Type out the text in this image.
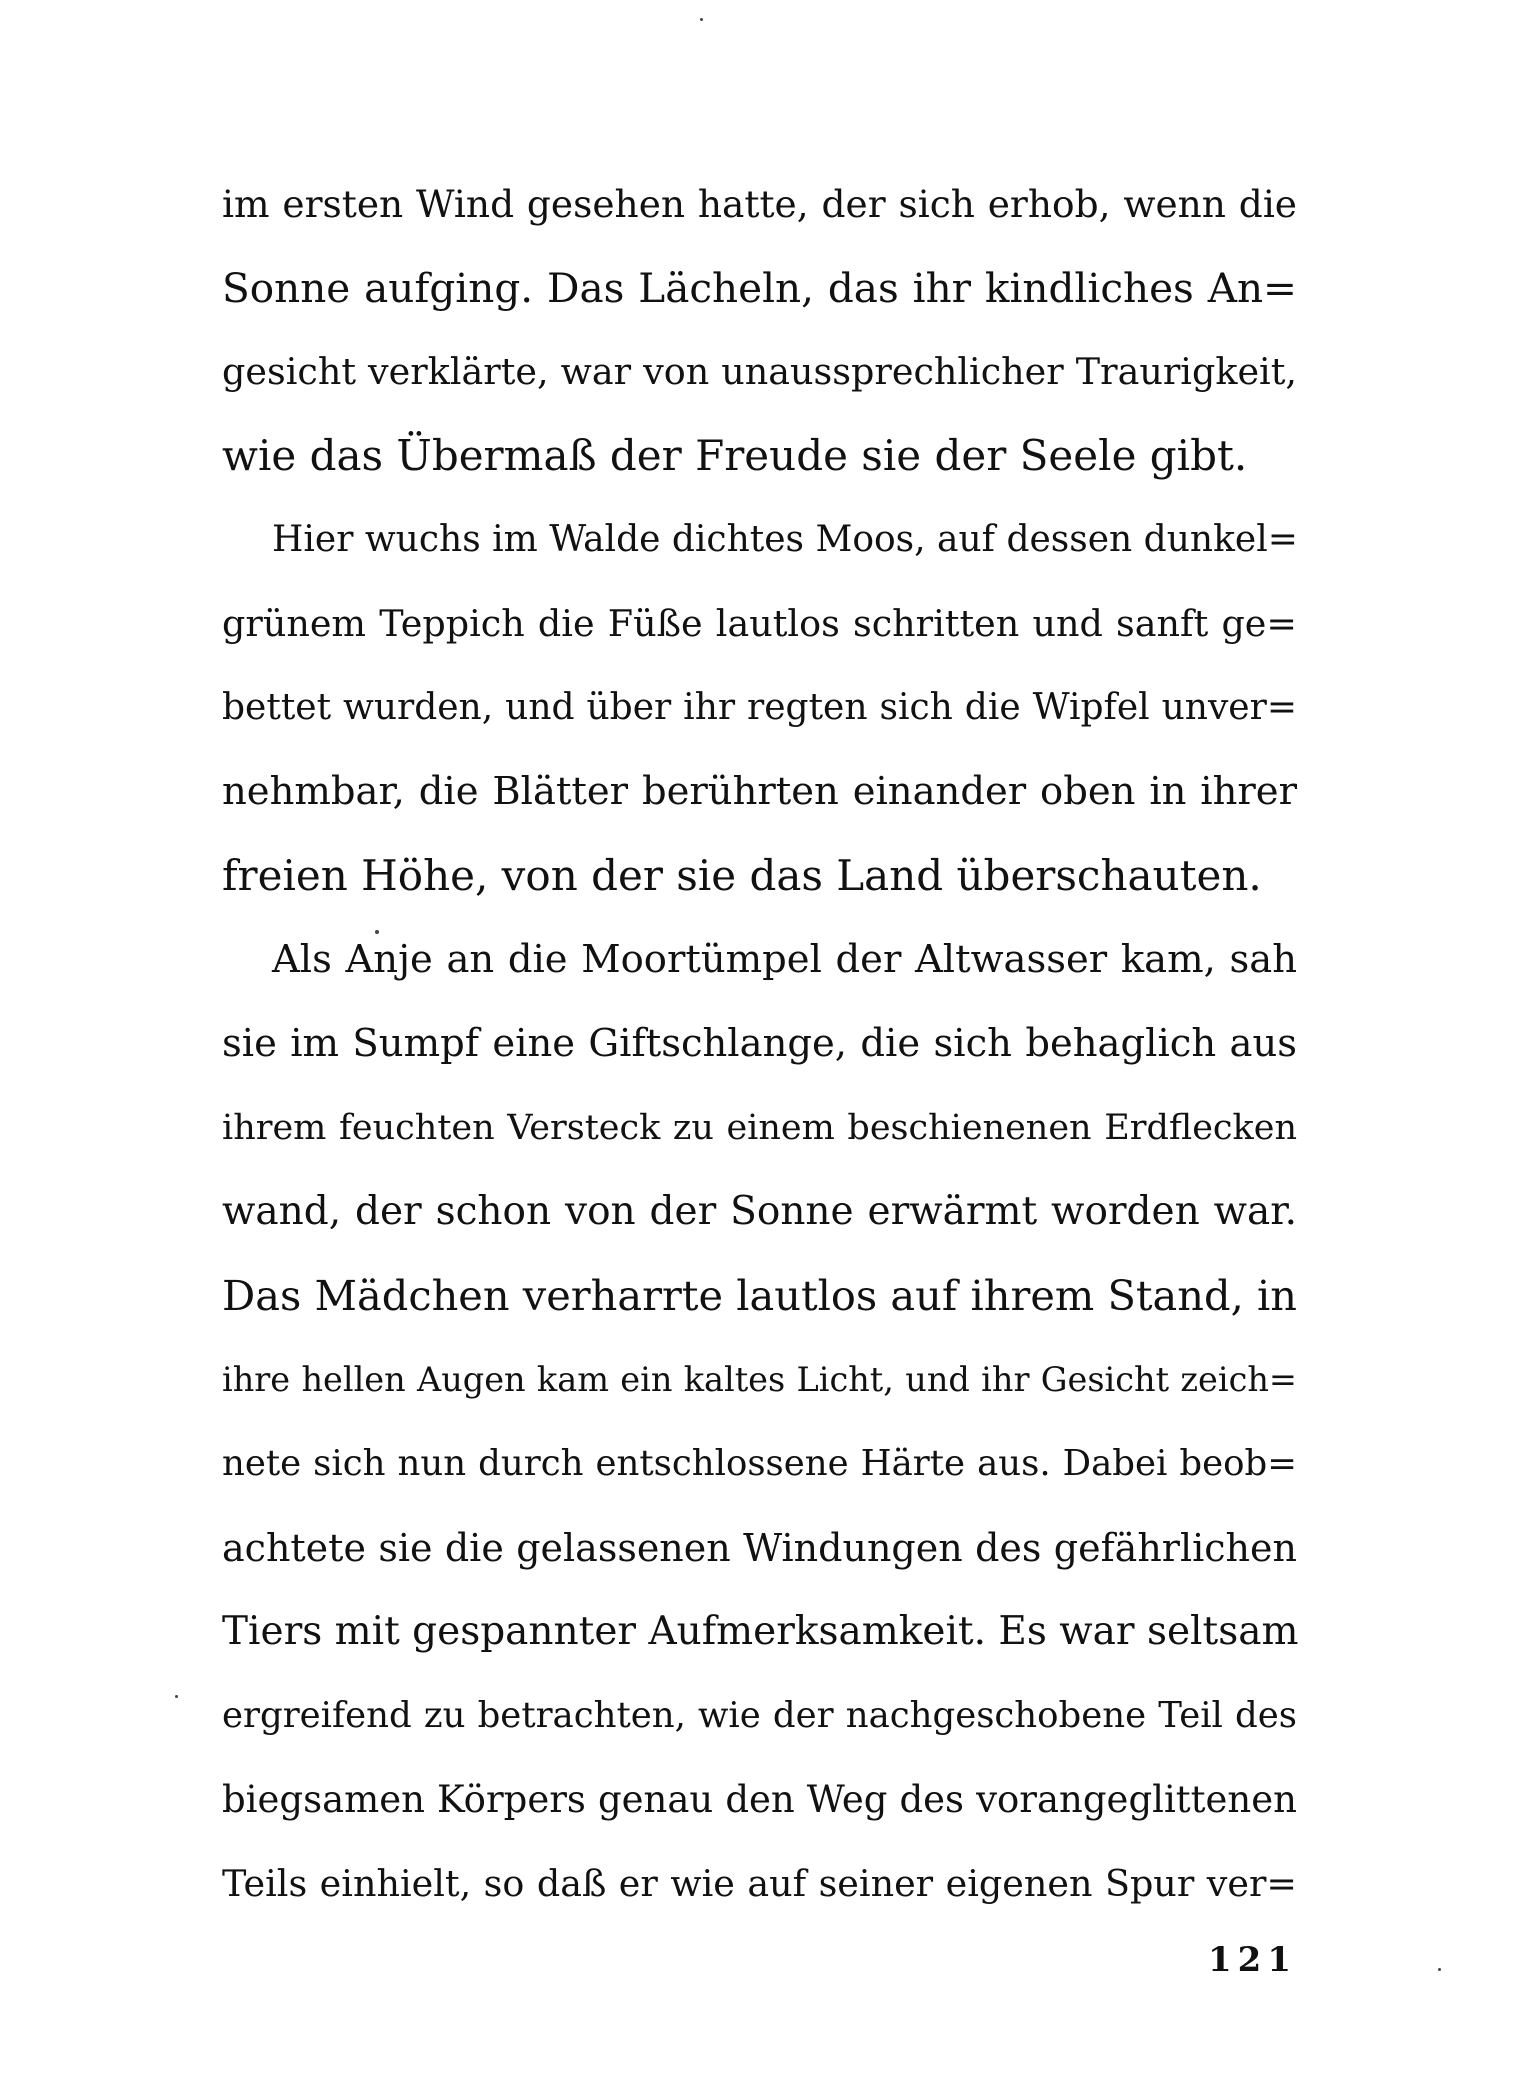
im ersten Wind gesehen hatte, der sich erhob, wenn die
Sonne aufging. Das Lächeln, das ihr kindliches An=
gesicht verklärte, war von unaussprechlicher Traurigkeit,
wie das Übermaß der Freude sie der Seele gibt.
Hier wuchs im Walde dichtes Moos, auf dessen dunkel=
grünem Teppich die Füße lautlos schritten und sanft ge=
bettet wurden, und über ihr regten sich die Wipfel unver=
nehmbar, die Blätter berührten einander oben in ihrer
freien Höhe, von der sie das Land überschauten.
Als Anje an die Moortümpel der Altwasser kam, sah
sie im Sumpf eine Giftschlange, die sich behaglich aus
ihrem feuchten Versteck zu einem beschienenen Erdflecken
wand, der schon von der Sonne erwärmt worden war.
Das Mädchen verharrte lautlos auf ihrem Stand, in
ihre hellen Augen kam ein kaltes Licht, und ihr Gesicht zeich=
nete sich nun durch entschlossene Härte aus. Dabei beob=
achtete sie die gelassenen Windungen des gefährlichen
Tiers mit gespannter Aufmerksamkeit. Es war seltsam
ergreifend zu betrachten, wie der nachgeschobene Teil des
biegsamen Körpers genau den Weg des vorangeglittenen
Teils einhielt, so daß er wie auf seiner eigenen Spur ver=
121
